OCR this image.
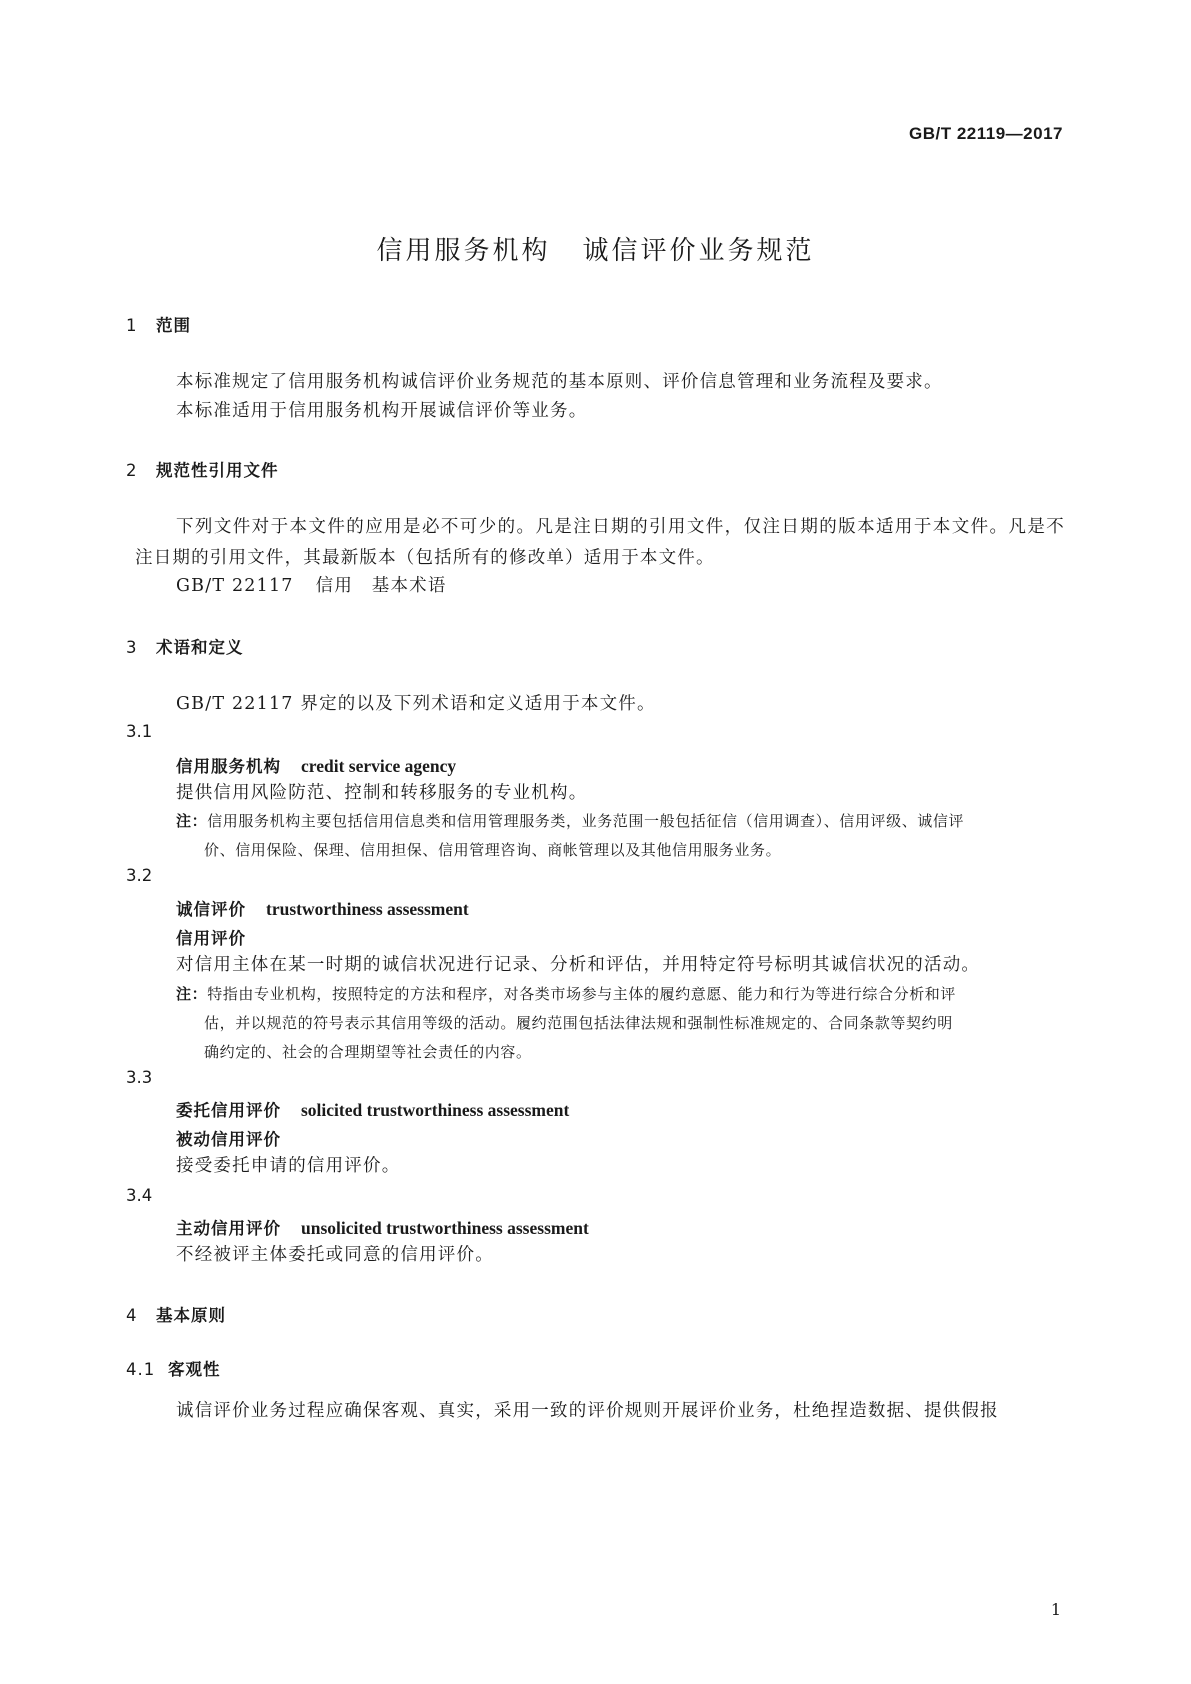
GB/T 22119—2017
信用服务机构 诚信评价业务规范
1 范围
本标准规定了信用服务机构诚信评价业务规范的基本原则、评价信息管理和业务流程及要求。
本标准适用于信用服务机构开展诚信评价等业务。
2 规范性引用文件
下列文件对于本文件的应用是必不可少的。凡是注日期的引用文件，仅注日期的版本适用于本文件。凡是不注日期的引用文件，其最新版本（包括所有的修改单）适用于本文件。
GB/T 22117 信用　基本术语
3 术语和定义
GB/T 22117 界定的以及下列术语和定义适用于本文件。
3.1
信用服务机构 credit service agency
提供信用风险防范、控制和转移服务的专业机构。
注：信用服务机构主要包括信用信息类和信用管理服务类，业务范围一般包括征信（信用调查）、信用评级、诚信评
价、信用保险、保理、信用担保、信用管理咨询、商帐管理以及其他信用服务业务。
3.2
诚信评价 trustworthiness assessment
信用评价
对信用主体在某一时期的诚信状况进行记录、分析和评估，并用特定符号标明其诚信状况的活动。
注：特指由专业机构，按照特定的方法和程序，对各类市场参与主体的履约意愿、能力和行为等进行综合分析和评
估，并以规范的符号表示其信用等级的活动。履约范围包括法律法规和强制性标准规定的、合同条款等契约明
确约定的、社会的合理期望等社会责任的内容。
3.3
委托信用评价 solicited trustworthiness assessment
被动信用评价
接受委托申请的信用评价。
3.4
主动信用评价 unsolicited trustworthiness assessment
不经被评主体委托或同意的信用评价。
4 基本原则
4.1 客观性
诚信评价业务过程应确保客观、真实，采用一致的评价规则开展评价业务，杜绝捏造数据、提供假报
1
